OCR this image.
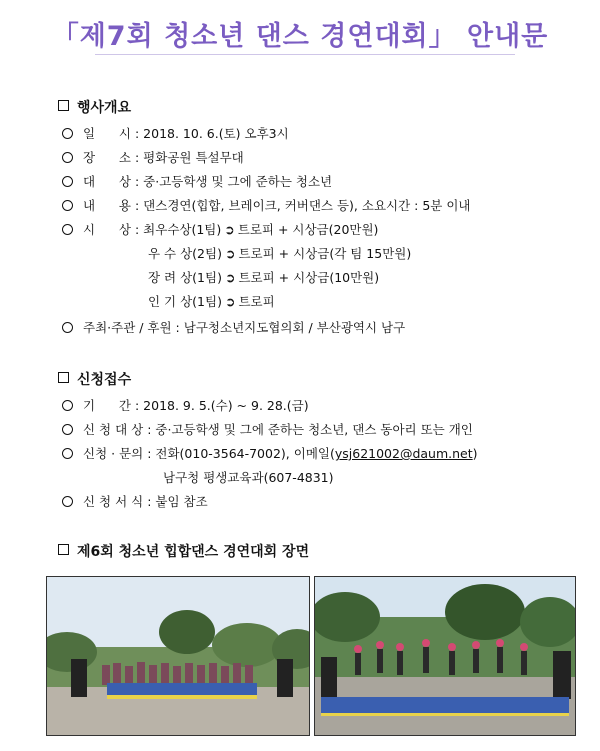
「제7회 청소년 댄스 경연대회」 안내문
행사개요
일      시 : 2018. 10. 6.(토) 오후3시
장      소 : 평화공원 특설무대
대      상 : 중·고등학생 및 그에 준하는 청소년
내      용 : 댄스경연(힙합, 브레이크, 커버댄스 등), 소요시간 : 5분 이내
시      상 : 최우수상(1팀) ➲ 트로피 + 시상금(20만원)
우 수 상(2팀) ➲ 트로피 + 시상금(각 팀 15만원)
장 려 상(1팀) ➲ 트로피 + 시상금(10만원)
인 기 상(1팀) ➲ 트로피
주최·주관 / 후원 : 남구청소년지도협의회 / 부산광역시 남구
신청접수
기      간 : 2018. 9. 5.(수) ~ 9. 28.(금)
신 청 대 상 : 중·고등학생 및 그에 준하는 청소년, 댄스 동아리 또는 개인
신청 · 문의 : 전화(010-3564-7002), 이메일(ysj621002@daum.net)
남구청 평생교육과(607-4831)
신 청 서 식 : 붙임 참조
제6회 청소년 힙합댄스 경연대회 장면
